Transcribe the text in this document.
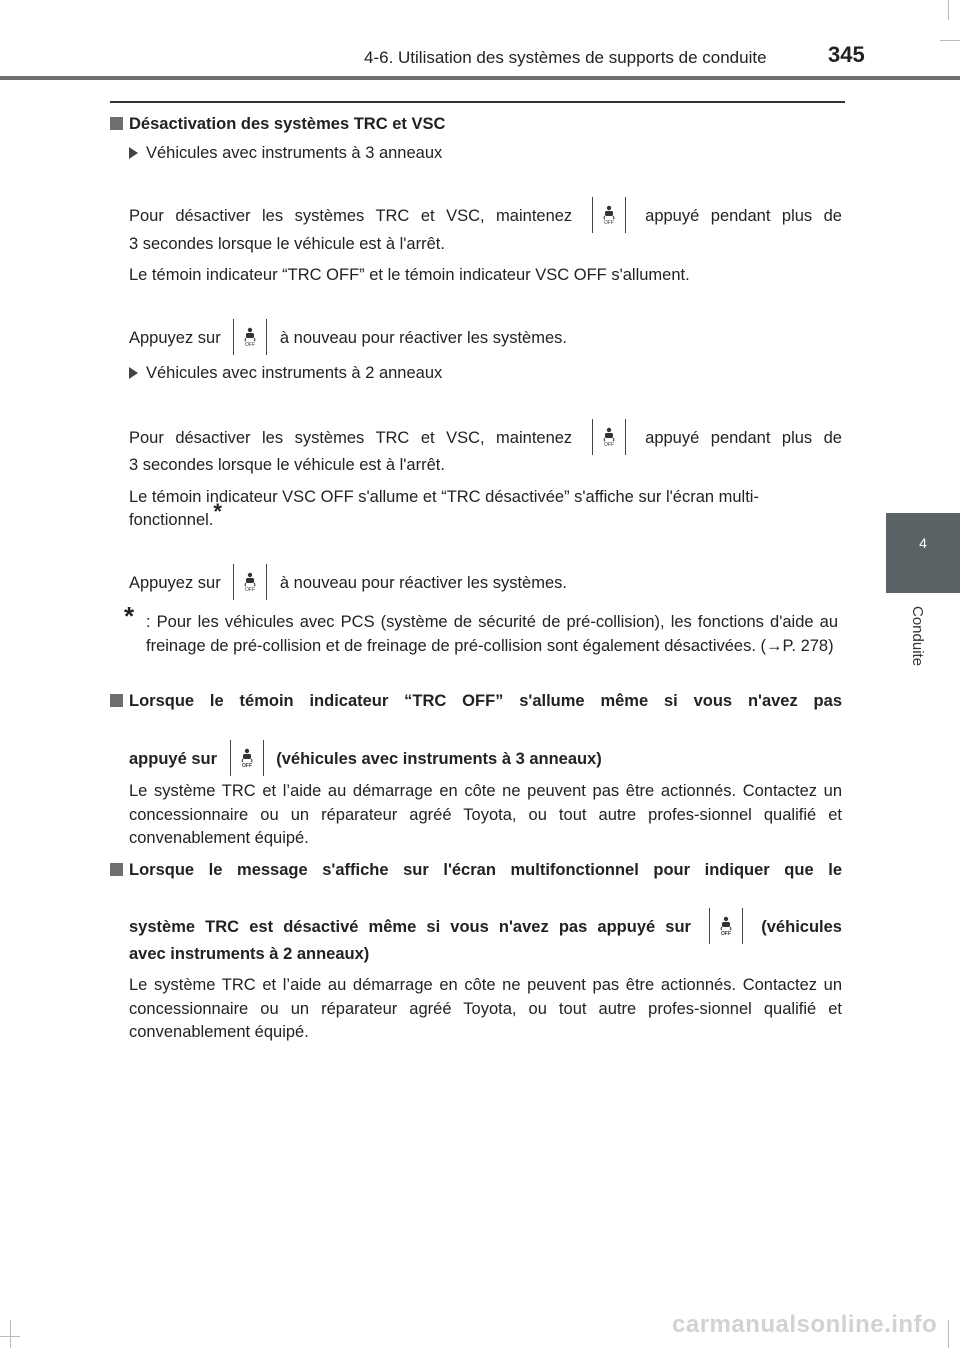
4-6. Utilisation des systèmes de supports de conduite	345
4
Conduite
Désactivation des systèmes TRC et VSC
Véhicules avec instruments à 3 anneaux
Pour désactiver les systèmes TRC et VSC, maintenez	OFF appuyé pendant plus de
3 secondes lorsque le véhicule est à l'arrêt.
Le témoin indicateur “TRC OFF” et le témoin indicateur VSC OFF s'allument.
Appuyez sur	OFF à nouveau pour réactiver les systèmes.
Véhicules avec instruments à 2 anneaux
Pour désactiver les systèmes TRC et VSC, maintenez	OFF appuyé pendant plus de
3 secondes lorsque le véhicule est à l'arrêt.
Le témoin indicateur VSC OFF s'allume et “TRC désactivée” s'affiche sur l'écran multi-
fonctionnel.*
Appuyez sur	OFF à nouveau pour réactiver les systèmes.
* : Pour les véhicules avec PCS (système de sécurité de pré-collision), les fonctions d'aide au freinage de pré-collision et de freinage de pré-collision sont également désactivées. (→P. 278)
Lorsque le témoin indicateur “TRC OFF” s'allume même si vous n'avez pas
appuyé sur	OFF (véhicules avec instruments à 3 anneaux)
Le système TRC et l’aide au démarrage en côte ne peuvent pas être actionnés. Contactez un concessionnaire ou un réparateur agréé Toyota, ou tout autre profes-sionnel qualifié et convenablement équipé.
Lorsque le message s'affiche sur l'écran multifonctionnel pour indiquer que le
système TRC est désactivé même si vous n'avez pas appuyé sur	OFF (véhicules
avec instruments à 2 anneaux)
Le système TRC et l’aide au démarrage en côte ne peuvent pas être actionnés. Contactez un concessionnaire ou un réparateur agréé Toyota, ou tout autre profes-sionnel qualifié et convenablement équipé.
carmanualsonline.info
